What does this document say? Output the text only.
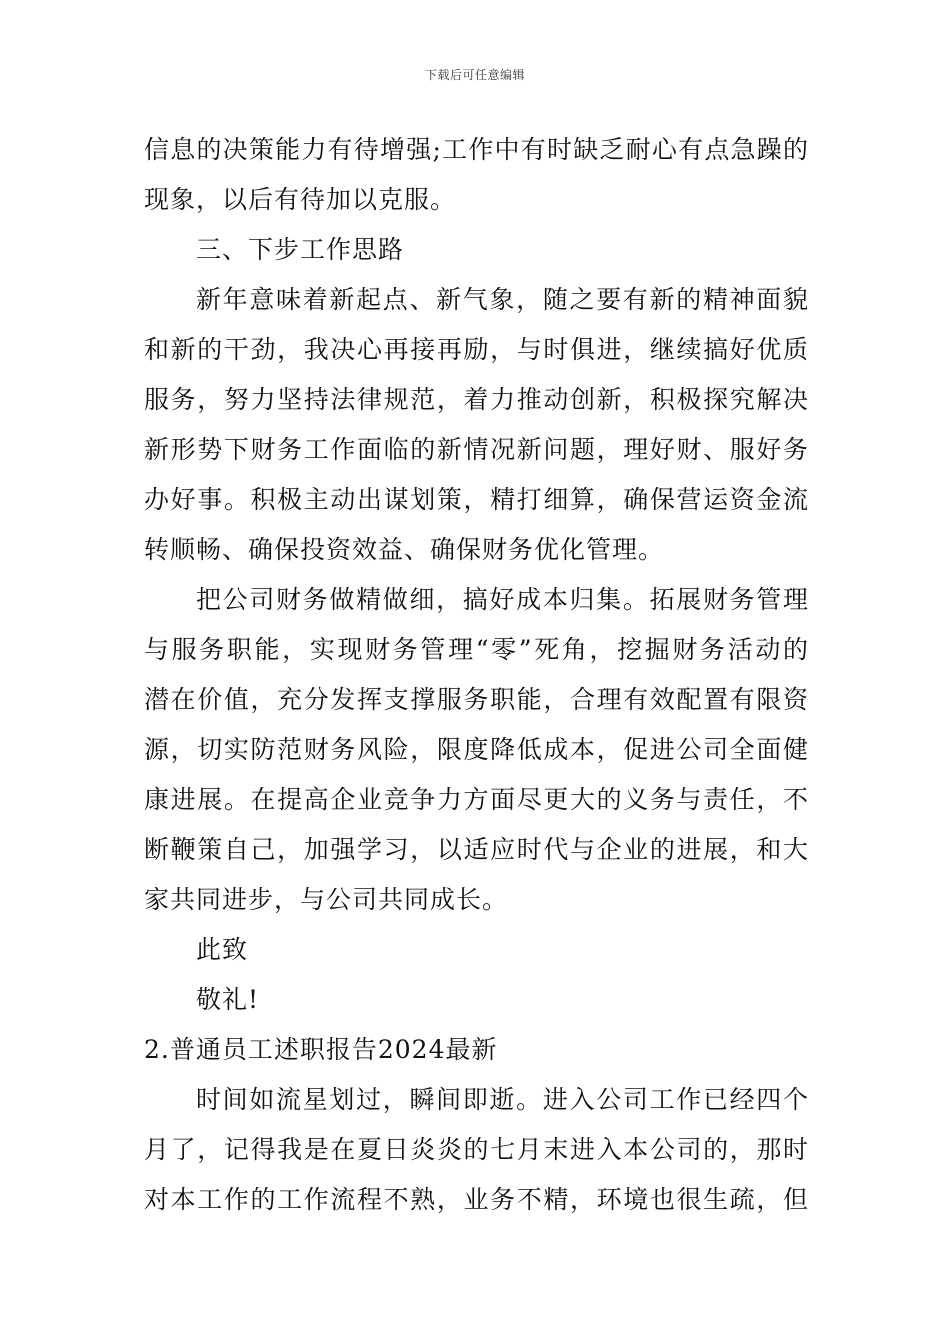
下载后可任意编辑
信息的决策能力有待增强;工作中有时缺乏耐心有点急躁的
现象，以后有待加以克服。
三、下步工作思路
新年意味着新起点、新气象，随之要有新的精神面貌
和新的干劲，我决心再接再励，与时俱进，继续搞好优质
服务，努力坚持法律规范，着力推动创新，积极探究解决
新形势下财务工作面临的新情况新问题，理好财、服好务
办好事。积极主动出谋划策，精打细算，确保营运资金流
转顺畅、确保投资效益、确保财务优化管理。
把公司财务做精做细，搞好成本归集。拓展财务管理
与服务职能，实现财务管理“零”死角，挖掘财务活动的
潜在价值，充分发挥支撑服务职能，合理有效配置有限资
源，切实防范财务风险，限度降低成本，促进公司全面健
康进展。在提高企业竞争力方面尽更大的义务与责任，不
断鞭策自己，加强学习，以适应时代与企业的进展，和大
家共同进步，与公司共同成长。
此致
敬礼!
2.普通员工述职报告2024最新
时间如流星划过，瞬间即逝。进入公司工作已经四个
月了，记得我是在夏日炎炎的七月末进入本公司的，那时
对本工作的工作流程不熟，业务不精，环境也很生疏，但
